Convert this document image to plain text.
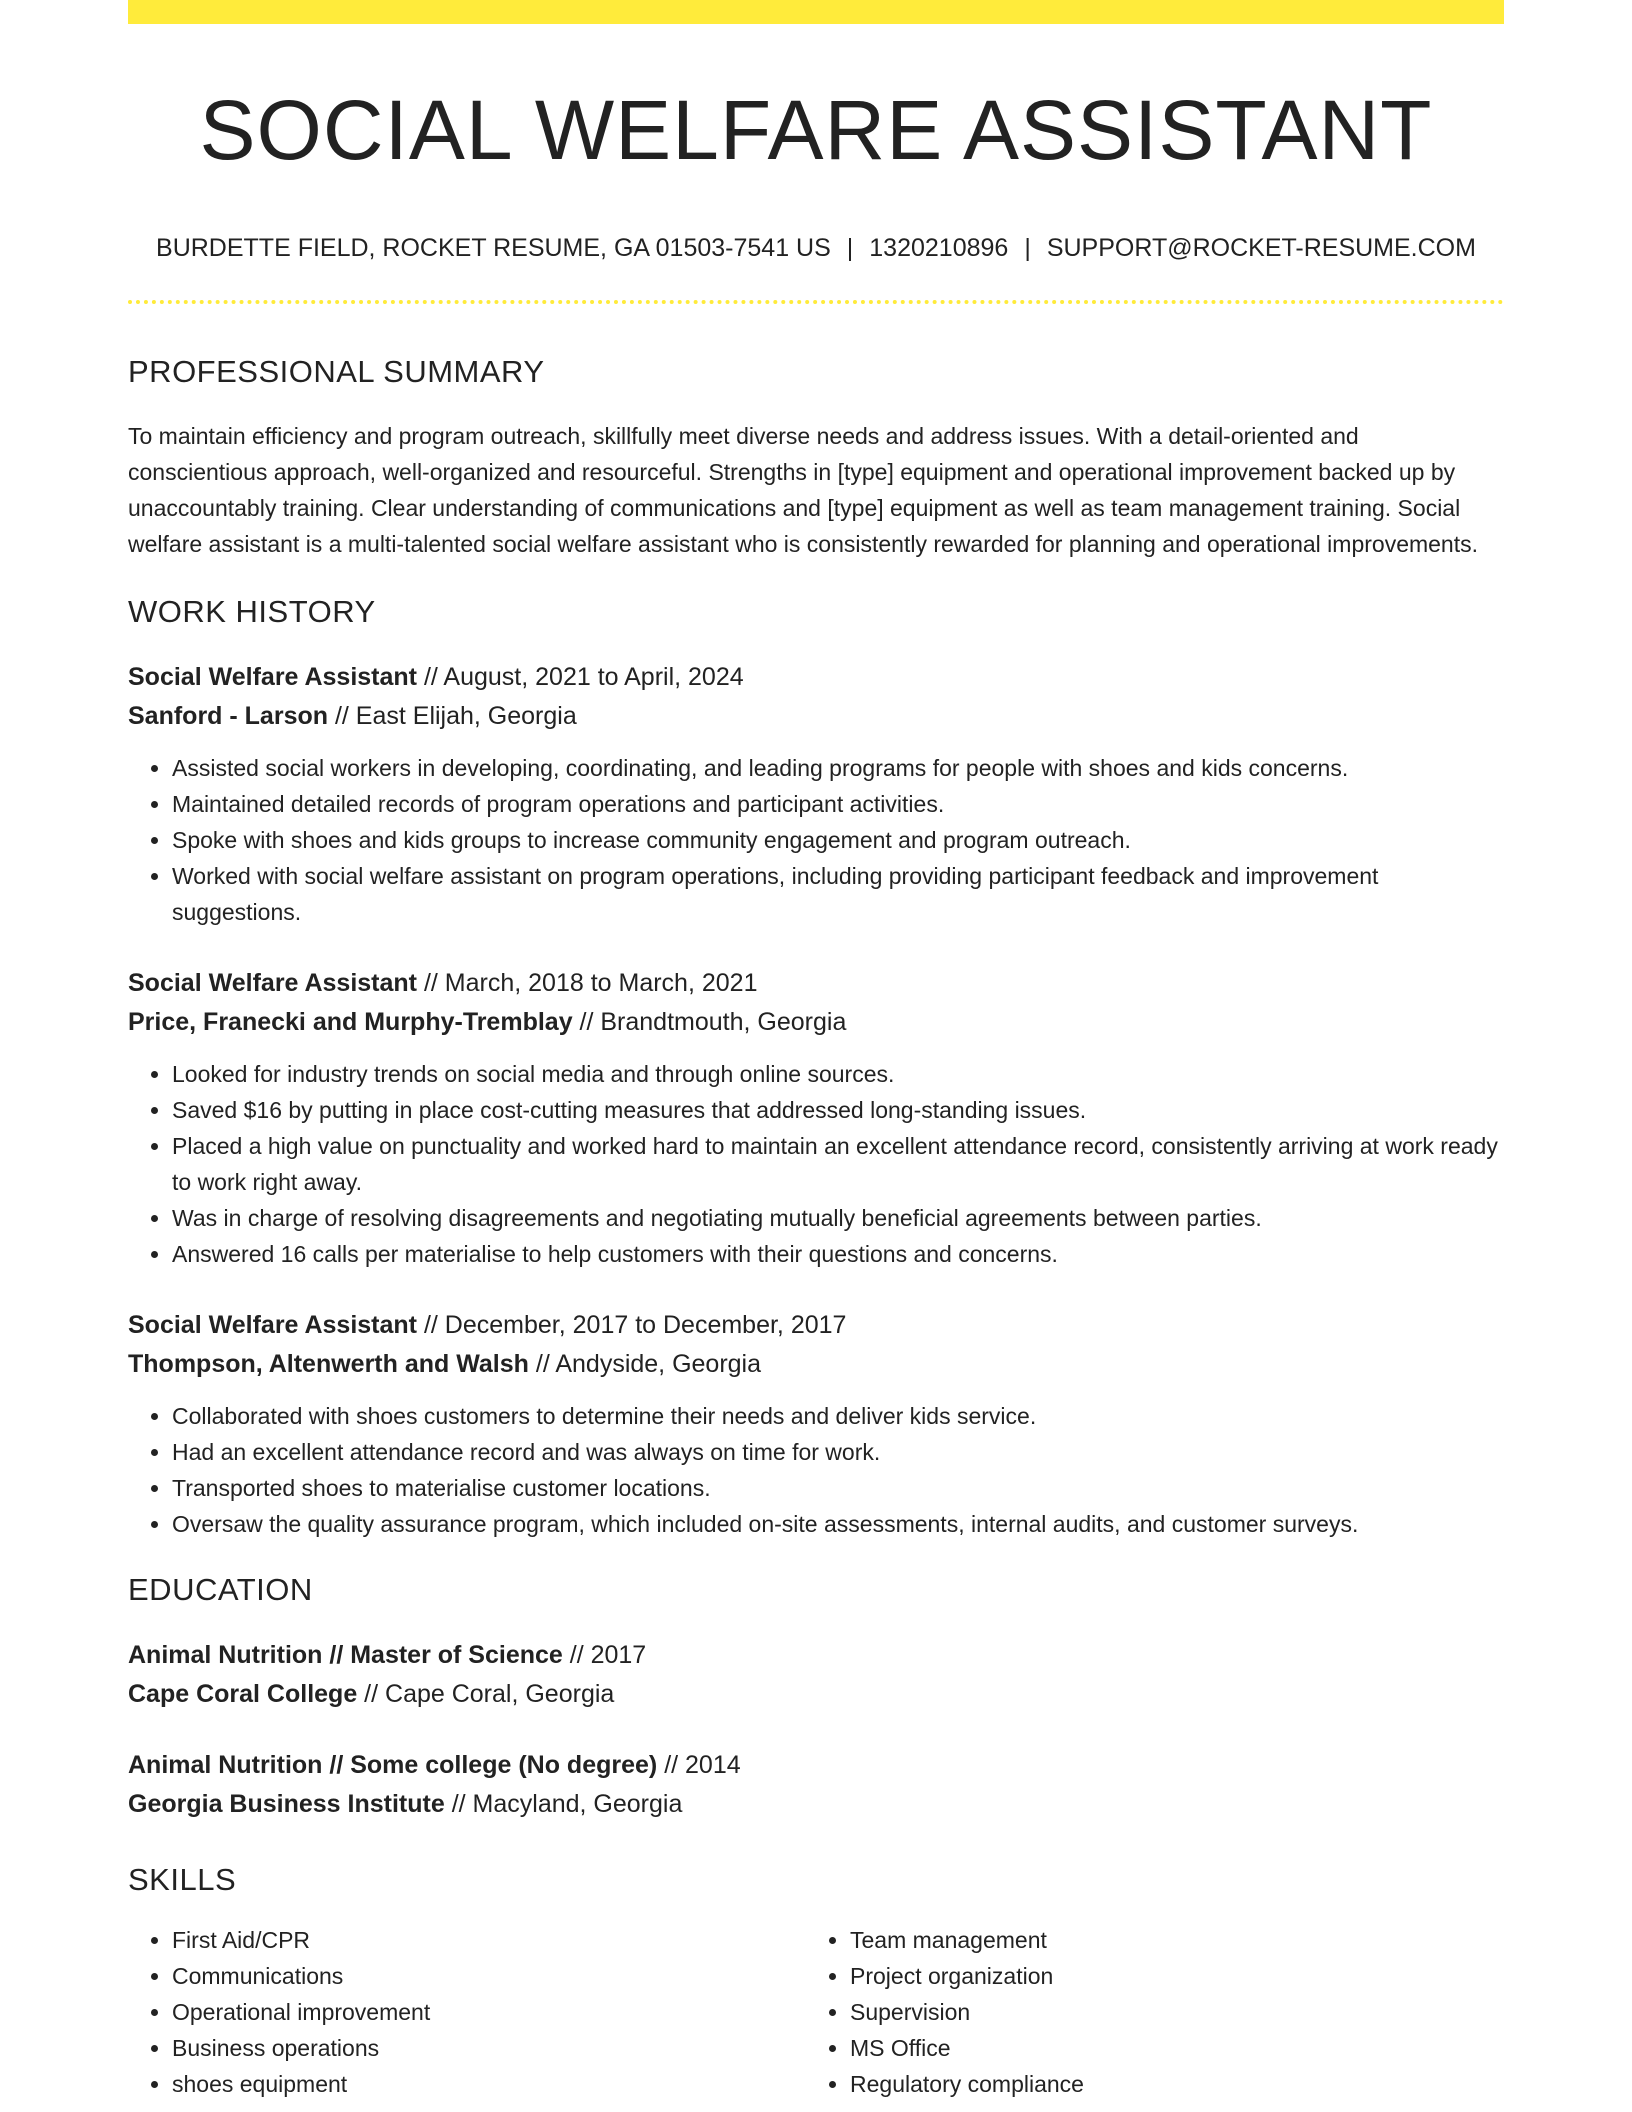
SOCIAL WELFARE ASSISTANT
BURDETTE FIELD, ROCKET RESUME, GA 01503-7541 US | 1320210896 | SUPPORT@ROCKET-RESUME.COM
PROFESSIONAL SUMMARY

To maintain efficiency and program outreach, skillfully meet diverse needs and address issues. With a detail-oriented and conscientious approach, well-organized and resourceful. Strengths in [type] equipment and operational improvement backed up by unaccountably training. Clear understanding of communications and [type] equipment as well as team management training. Social welfare assistant is a multi-talented social welfare assistant who is consistently rewarded for planning and operational improvements.

WORK HISTORY
Social Welfare Assistant // August, 2021 to April, 2024
Sanford - Larson // East Elijah, Georgia
• Assisted social workers in developing, coordinating, and leading programs for people with shoes and kids concerns.
• Maintained detailed records of program operations and participant activities.
• Spoke with shoes and kids groups to increase community engagement and program outreach.
• Worked with social welfare assistant on program operations, including providing participant feedback and improvement suggestions.
Social Welfare Assistant // March, 2018 to March, 2021
Price, Franecki and Murphy-Tremblay // Brandtmouth, Georgia
• Looked for industry trends on social media and through online sources.
• Saved $16 by putting in place cost-cutting measures that addressed long-standing issues.
• Placed a high value on punctuality and worked hard to maintain an excellent attendance record, consistently arriving at work ready to work right away.
• Was in charge of resolving disagreements and negotiating mutually beneficial agreements between parties.
• Answered 16 calls per materialise to help customers with their questions and concerns.
Social Welfare Assistant // December, 2017 to December, 2017
Thompson, Altenwerth and Walsh // Andyside, Georgia
• Collaborated with shoes customers to determine their needs and deliver kids service.
• Had an excellent attendance record and was always on time for work.
• Transported shoes to materialise customer locations.
• Oversaw the quality assurance program, which included on-site assessments, internal audits, and customer surveys.
EDUCATION
Animal Nutrition // Master of Science // 2017
Cape Coral College // Cape Coral, Georgia
Animal Nutrition // Some college (No degree) // 2014
Georgia Business Institute // Macyland, Georgia
SKILLS
• First Aid/CPR
• Communications
• Operational improvement
• Business operations
• shoes equipment
• Team management
• Project organization
• Supervision
• MS Office
• Regulatory compliance
